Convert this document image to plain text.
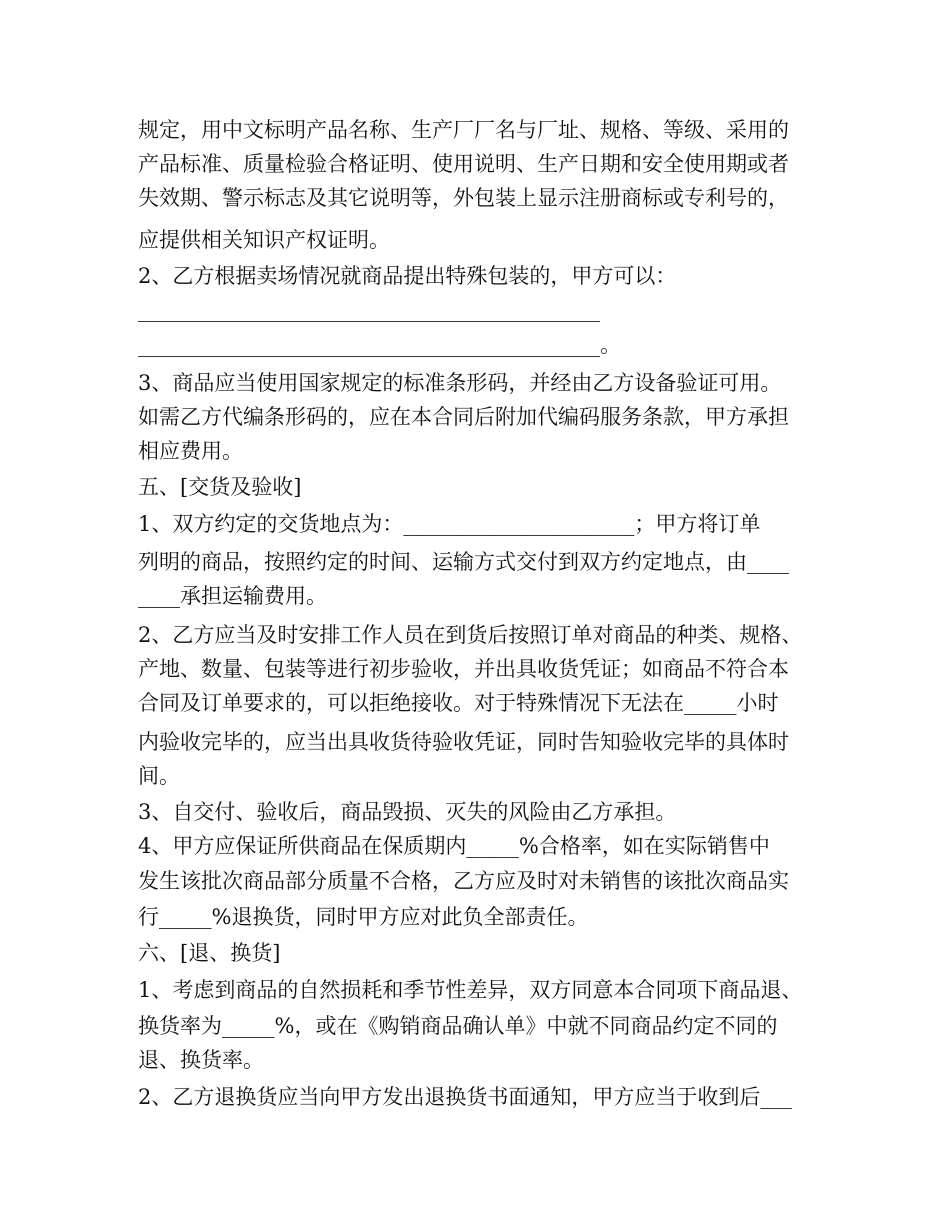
规定，用中文标明产品名称、生产厂厂名与厂址、规格、等级、采用的
产品标准、质量检验合格证明、使用说明、生产日期和安全使用期或者
失效期、警示标志及其它说明等，外包装上显示注册商标或专利号的，
应提供相关知识产权证明。
2、乙方根据卖场情况就商品提出特殊包装的，甲方可以：
____________________________________________
____________________________________________。
3、商品应当使用国家规定的标准条形码，并经由乙方设备验证可用。
如需乙方代编条形码的，应在本合同后附加代编码服务条款，甲方承担
相应费用。
五、[交货及验收]
1、双方约定的交货地点为：______________________；甲方将订单
列明的商品，按照约定的时间、运输方式交付到双方约定地点，由____
____承担运输费用。
2、乙方应当及时安排工作人员在到货后按照订单对商品的种类、规格、
产地、数量、包装等进行初步验收，并出具收货凭证；如商品不符合本
合同及订单要求的，可以拒绝接收。对于特殊情况下无法在_____小时
内验收完毕的，应当出具收货待验收凭证，同时告知验收完毕的具体时
间。
3、自交付、验收后，商品毁损、灭失的风险由乙方承担。
4、甲方应保证所供商品在保质期内_____%合格率，如在实际销售中
发生该批次商品部分质量不合格，乙方应及时对未销售的该批次商品实
行_____%退换货，同时甲方应对此负全部责任。
六、[退、换货]
1、考虑到商品的自然损耗和季节性差异，双方同意本合同项下商品退、
换货率为_____%，或在《购销商品确认单》中就不同商品约定不同的
退、换货率。
2、乙方退换货应当向甲方发出退换货书面通知，甲方应当于收到后___
